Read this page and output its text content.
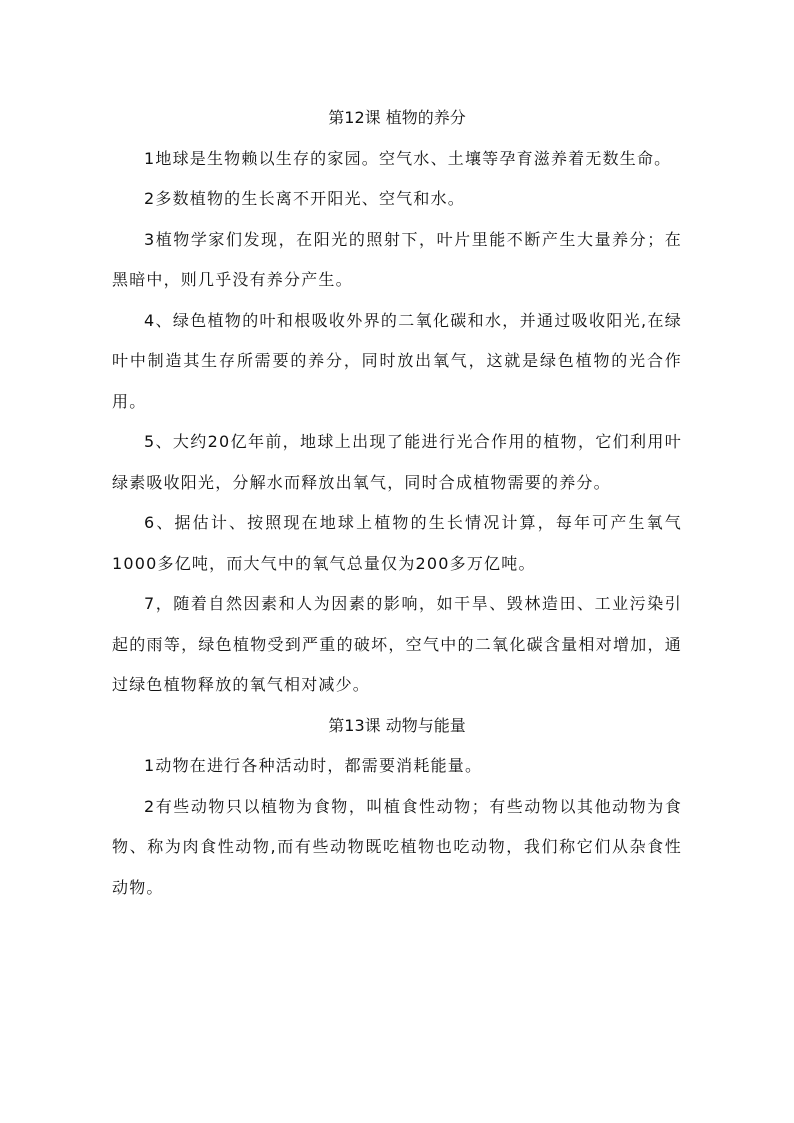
第12课 植物的养分

1地球是生物赖以生存的家园。空气水、土壤等孕育滋养着无数生命。

2多数植物的生长离不开阳光、空气和水。

3植物学家们发现，在阳光的照射下，叶片里能不断产生大量养分；在黑暗中，则几乎没有养分产生。

4、绿色植物的叶和根吸收外界的二氧化碳和水，并通过吸收阳光,在绿叶中制造其生存所需要的养分，同时放出氧气，这就是绿色植物的光合作用。

5、大约20亿年前，地球上出现了能进行光合作用的植物，它们利用叶绿素吸收阳光，分解水而释放出氧气，同时合成植物需要的养分。

6、据估计、按照现在地球上植物的生长情况计算，每年可产生氧气1000多亿吨，而大气中的氧气总量仅为200多万亿吨。

7，随着自然因素和人为因素的影响，如干旱、毁林造田、工业污染引起的雨等，绿色植物受到严重的破坏，空气中的二氧化碳含量相对增加，通过绿色植物释放的氧气相对减少。

第13课 动物与能量

1动物在进行各种活动时，都需要消耗能量。

2有些动物只以植物为食物，叫植食性动物；有些动物以其他动物为食物、称为肉食性动物,而有些动物既吃植物也吃动物，我们称它们从杂食性动物。
